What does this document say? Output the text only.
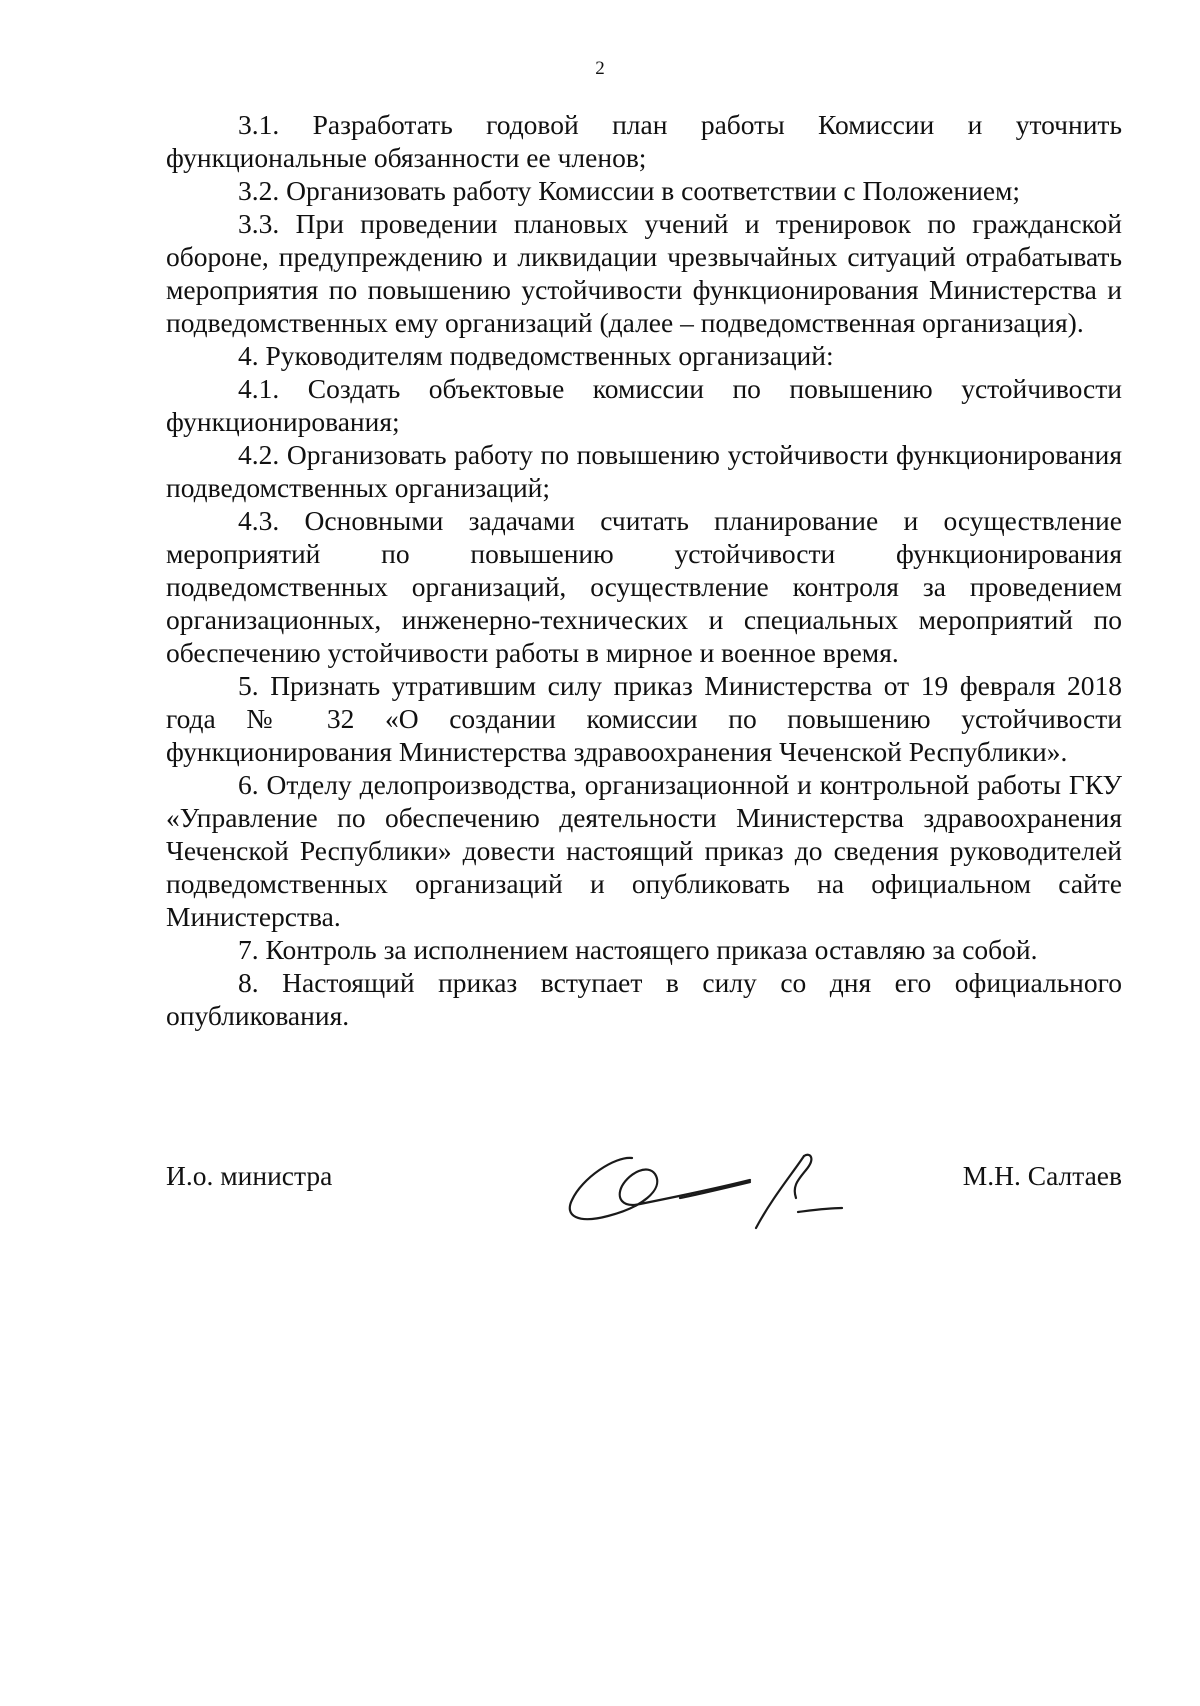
2

3.1. Разработать годовой план работы Комиссии и уточнить функциональные обязанности ее членов;

3.2. Организовать работу Комиссии в соответствии с Положением;

3.3. При проведении плановых учений и тренировок по гражданской обороне, предупреждению и ликвидации чрезвычайных ситуаций отрабатывать мероприятия по повышению устойчивости функционирования Министерства и подведомственных ему организаций (далее – подведомственная организация).

4. Руководителям подведомственных организаций:

4.1. Создать объектовые комиссии по повышению устойчивости функционирования;

4.2. Организовать работу по повышению устойчивости функционирования подведомственных организаций;

4.3. Основными задачами считать планирование и осуществление мероприятий по повышению устойчивости функционирования подведомственных организаций, осуществление контроля за проведением организационных, инженерно-технических и специальных мероприятий по обеспечению устойчивости работы в мирное и военное время.

5. Признать утратившим силу приказ Министерства от 19 февраля 2018 года № 32 «О создании комиссии по повышению устойчивости функционирования Министерства здравоохранения Чеченской Республики».

6. Отделу делопроизводства, организационной и контрольной работы ГКУ «Управление по обеспечению деятельности Министерства здравоохранения Чеченской Республики» довести настоящий приказ до сведения руководителей подведомственных организаций и опубликовать на официальном сайте Министерства.

7. Контроль за исполнением настоящего приказа оставляю за собой.

8. Настоящий приказ вступает в силу со дня его официального опубликования.

И.о. министра	М.Н. Салтаев
